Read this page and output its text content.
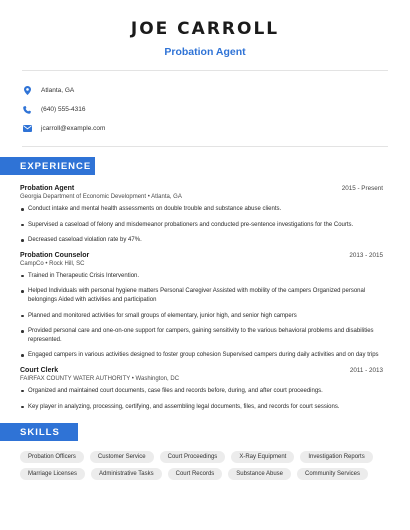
JOE CARROLL
Probation Agent
Atlanta, GA
(640) 555-4316
jcarroll@example.com
EXPERIENCE
Probation Agent	2015 - Present
Georgia Department of Economic Development • Atlanta, GA
Conduct intake and mental health assessments on double trouble and substance abuse clients.
Supervised a caseload of felony and misdemeanor probationers and conducted pre-sentence investigations for the Courts.
Decreased caseload violation rate by 47%.
Probation Counselor	2013 - 2015
CampCo • Rock Hill, SC
Trained in Therapeutic Crisis Intervention.
Helped Individuals with personal hygiene matters Personal Caregiver Assisted with mobility of the campers Organized personal belongings Aided with activities and participation
Planned and monitored activities for small groups of elementary, junior high, and senior high campers
Provided personal care and one-on-one support for campers, gaining sensitivity to the various behavioral problems and disabilities represented.
Engaged campers in various activities designed to foster group cohesion Supervised campers during daily activities and on day trips
Court Clerk	2011 - 2013
FAIRFAX COUNTY WATER AUTHORITY • Washington, DC
Organized and maintained court documents, case files and records before, during, and after court proceedings.
Key player in analyzing, processing, certifying, and assembling legal documents, files, and records for court sessions.
SKILLS
Probation Officers	Customer Service	Court Proceedings	X-Ray Equipment	Investigation Reports
Marriage Licenses	Administrative Tasks	Court Records	Substance Abuse	Community Services
